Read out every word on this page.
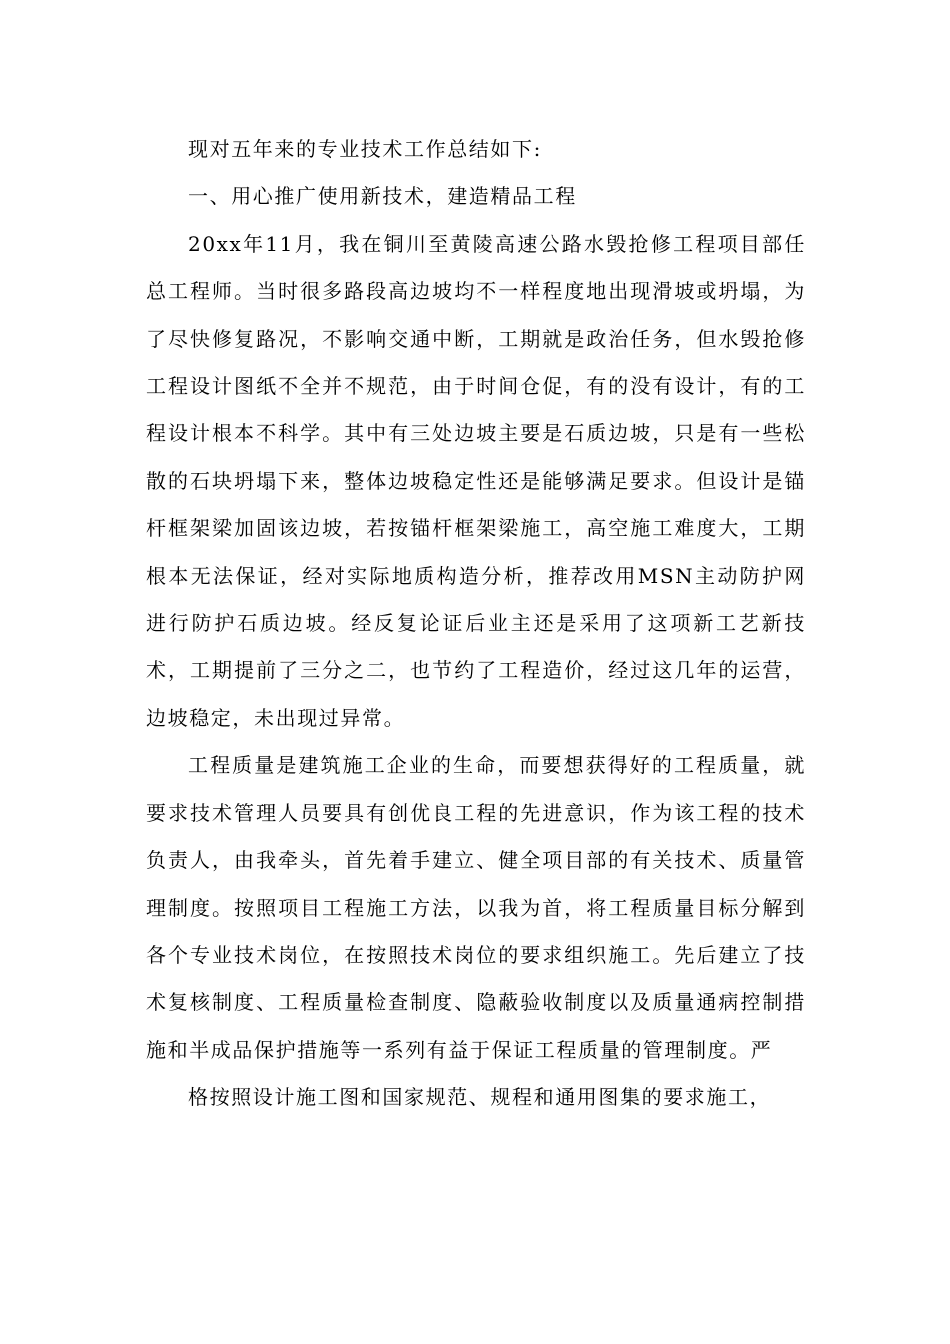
现对五年来的专业技术工作总结如下:

一、用心推广使用新技术，建造精品工程

20xx年11月，我在铜川至黄陵高速公路水毁抢修工程项目部任总工程师。当时很多路段高边坡均不一样程度地出现滑坡或坍塌，为了尽快修复路况，不影响交通中断，工期就是政治任务，但水毁抢修工程设计图纸不全并不规范，由于时间仓促，有的没有设计，有的工程设计根本不科学。其中有三处边坡主要是石质边坡，只是有一些松散的石块坍塌下来，整体边坡稳定性还是能够满足要求。但设计是锚杆框架梁加固该边坡，若按锚杆框架梁施工，高空施工难度大，工期根本无法保证，经对实际地质构造分析，推荐改用MSN主动防护网进行防护石质边坡。经反复论证后业主还是采用了这项新工艺新技术，工期提前了三分之二，也节约了工程造价，经过这几年的运营，边坡稳定，未出现过异常。

工程质量是建筑施工企业的生命，而要想获得好的工程质量，就要求技术管理人员要具有创优良工程的先进意识，作为该工程的技术负责人，由我牵头，首先着手建立、健全项目部的有关技术、质量管理制度。按照项目工程施工方法，以我为首，将工程质量目标分解到各个专业技术岗位，在按照技术岗位的要求组织施工。先后建立了技术复核制度、工程质量检查制度、隐蔽验收制度以及质量通病控制措施和半成品保护措施等一系列有益于保证工程质量的管理制度。严

格按照设计施工图和国家规范、规程和通用图集的要求施工，
